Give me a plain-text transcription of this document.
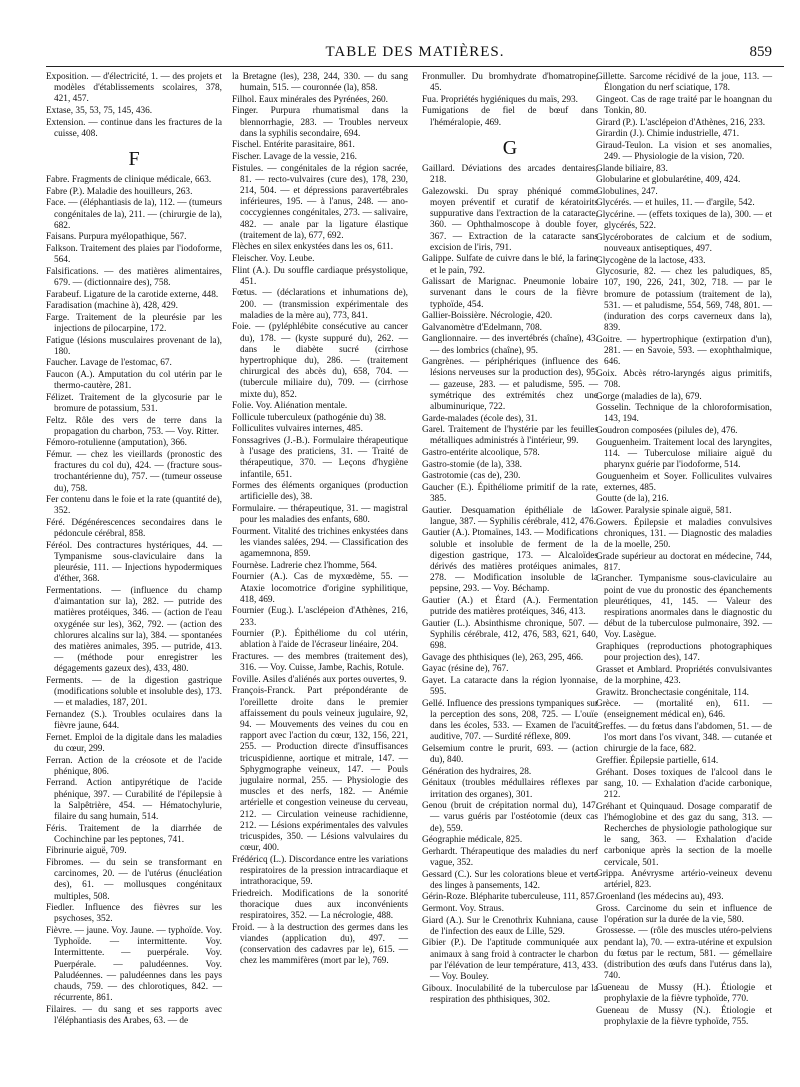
TABLE DES MATIÈRES.	859
Exposition. — d'électricité, 1. — des projets et modèles d'établissements scolaires, 378, 421, 457.
Extase, 35, 53, 75, 145, 436.
Extension. — continue dans les fractures de la cuisse, 408.
F
Fabre. Fragments de clinique médicale, 663.
Fabre (P.). Maladie des houilleurs, 263.
Face. — (éléphantiasis de la), 112. — (tumeurs congénitales de la), 211. — (chirurgie de la), 682.
Faisans. Purpura myélopathique, 567.
Falkson. Traitement des plaies par l'iodoforme, 564.
Falsifications. — des matières alimentaires, 679. — (dictionnaire des), 758.
Farabeuf. Ligature de la carotide externe, 448.
Faradisation (machine à), 428, 429.
Farge. Traitement de la pleurésie par les injections de pilocarpine, 172.
Fatigue (lésions musculaires provenant de la), 180.
Faucher. Lavage de l'estomac, 67.
Faucon (A.). Amputation du col utérin par le thermo-cautère, 281.
Félizet. Traitement de la glycosurie par le bromure de potassium, 531.
Feltz. Rôle des vers de terre dans la propagation du charbon, 753. — Voy. Ritter.
Fémoro-rotulienne (amputation), 366.
Fémur. — chez les vieillards (pronostic des fractures du col du), 424. — (fracture sous-trochantérienne du), 757. — (tumeur osseuse du), 758.
Fer contenu dans le foie et la rate (quantité de), 352.
Féré. Dégénérescences secondaires dans le pédoncule cérébral, 858.
Féréol. Des contractures hystériques, 44. — Tympanisme sous-claviculaire dans la pleurésie, 111. — Injections hypodermiques d'éther, 368.
Fermentations. — (influence du champ d'aimantation sur la), 282. — putride des matières protéiques, 346. — (action de l'eau oxygénée sur les), 362, 792. — (action des chlorures alcalins sur la), 384. — spontanées des matières animales, 395. — putride, 413. — (méthode pour enregistrer les dégagements gazeux des), 433, 480.
Ferments. — de la digestion gastrique (modifications soluble et insoluble des), 173. — et maladies, 187, 201.
Fernandez (S.). Troubles oculaires dans la fièvre jaune, 644.
Fernet. Emploi de la digitale dans les maladies du cœur, 299.
Ferran. Action de la créosote et de l'acide phénique, 806.
Ferrand. Action antipyrétique de l'acide phénique, 397. — Curabilité de l'épilepsie à la Salpêtrière, 454. — Hématochylurie, filaire du sang humain, 514.
Féris. Traitement de la diarrhée de Cochinchine par les peptones, 741.
Fibrinurie aiguë, 709.
Fibromes. — du sein se transformant en carcinomes, 20. — de l'utérus (énucléation des), 61. — mollusques congénitaux multiples, 508.
Fiedler. Influence des fièvres sur les psychoses, 352.
Fièvre. — jaune. Voy. Jaune. — typhoïde. Voy. Typhoïde. — intermittente. Voy. Intermittente. — puerpérale. Voy. Puerpérale. — paludéennes. Voy. Paludéennes. — paludéennes dans les pays chauds, 759. — des chlorotiques, 842. — récurrente, 861.
Filaires. — du sang et ses rapports avec l'éléphantiasis des Arabes, 63. — de
la Bretagne (les), 238, 244, 330. — du sang humain, 515. — couronnée (la), 858.
Filhol. Eaux minérales des Pyrénées, 260.
Finger. Purpura rhumatismal dans la blennorrhagie, 283. — Troubles nerveux dans la syphilis secondaire, 694.
Fischel. Entérite parasitaire, 861.
Fischer. Lavage de la vessie, 216.
Fistules. — congénitales de la région sacrée, 81. — recto-vulvaires (cure des), 178, 230, 214, 504. — et dépressions paravertébrales inférieures, 195. — à l'anus, 248. — ano-coccygiennes congénitales, 273. — salivaire, 482. — anale par la ligature élastique (traitement de la), 677, 692.
Flèches en silex enkystées dans les os, 611.
Fleischer. Voy. Leube.
Flint (A.). Du souffle cardiaque présystolique, 451.
Fœtus. — (déclarations et inhumations de), 200. — (transmission expérimentale des maladies de la mère au), 773, 841.
Foie. — (pyléphlébite consécutive au cancer du), 178. — (kyste suppuré du), 262. — dans le diabète sucré (cirrhose hypertrophique du), 286. — (traitement chirurgical des abcès du), 658, 704. — (tubercule miliaire du), 709. — (cirrhose mixte du), 852.
Folie. Voy. Aliénation mentale.
Follicule tuberculeux (pathogénie du) 38.
Folliculites vulvaires internes, 485.
Fonssagrives (J.-B.). Formulaire thérapeutique à l'usage des praticiens, 31. — Traité de thérapeutique, 370. — Leçons d'hygiène infantile, 651.
Formes des éléments organiques (production artificielle des), 38.
Formulaire. — thérapeutique, 31. — magistral pour les maladies des enfants, 680.
Fourment. Vitalité des trichines enkystées dans les viandes salées, 294. — Classification des agamemnona, 859.
Fournèse. Ladrerie chez l'homme, 564.
Fournier (A.). Cas de myxœdème, 55. — Ataxie locomotrice d'origine syphilitique, 418, 469.
Fournier (Eug.). L'asclépeion d'Athènes, 216, 233.
Fournier (P.). Épithéliome du col utérin, ablation à l'aide de l'écraseur linéaire, 204.
Fractures. — des membres (traitement des), 316. — Voy. Cuisse, Jambe, Rachis, Rotule.
Foville. Asiles d'aliénés aux portes ouvertes, 9.
François-Franck. Part prépondérante de l'oreillette droite dans le premier affaissement du pouls veineux jugulaire, 92, 94. — Mouvements des veines du cou en rapport avec l'action du cœur, 132, 156, 221, 255. — Production directe d'insuffisances tricuspidienne, aortique et mitrale, 147. — Sphygmographe veineux, 147. — Pouls jugulaire normal, 255. — Physiologie des muscles et des nerfs, 182. — Anémie artérielle et congestion veineuse du cerveau, 212. — Circulation veineuse rachidienne, 212. — Lésions expérimentales des valvules tricuspides, 350. — Lésions valvulaires du cœur, 400.
Frédéricq (L.). Discordance entre les variations respiratoires de la pression intracardiaque et intrathoracique, 59.
Friedreich. Modifications de la sonorité thoracique dues aux inconvénients respiratoires, 352. — La nécrologie, 488.
Froid. — à la destruction des germes dans les viandes (application du), 497. — (conservation des cadavres par le), 615. — chez les mammifères (mort par le), 769.
Fronmuller. Du bromhydrate d'homatropine, 45.
Fua. Propriétés hygiéniques du maïs, 293.
Fumigations de fiel de bœuf dans l'héméralopie, 469.
G
Gaillard. Déviations des arcades dentaires, 218.
Galezowski. Du spray phéniqué comme moyen préventif et curatif de kératoirits suppurative dans l'extraction de la cataracte, 360. — Ophthalmoscope à double foyer, 367. — Extraction de la cataracte sans excision de l'iris, 791.
Galippe. Sulfate de cuivre dans le blé, la farine et le pain, 792.
Galissart de Marignac. Pneumonie lobaire survenant dans le cours de la fièvre typhoïde, 454.
Gallier-Boissière. Nécrologie, 420.
Galvanomètre d'Edelmann, 708.
Ganglionnaire. — des invertébrés (chaîne), 43. — des lombrics (chaîne), 95.
Gangrènes. — périphériques (influence des lésions nerveuses sur la production des), 95. — gazeuse, 283. — et paludisme, 595. — symétrique des extrémités chez une albuminurique, 722.
Garde-malades (école des), 31.
Garel. Traitement de l'hystérie par les feuilles métalliques administrés à l'intérieur, 99.
Gastro-entérite alcoolique, 578.
Gastro-stomie (de la), 338.
Gastrotomie (cas de), 230.
Gaucher (E.). Épithéliome primitif de la rate, 385.
Gautier. Desquamation épithéliale de la langue, 387. — Syphilis cérébrale, 412, 476.
Gautier (A.). Ptomaïnes, 143. — Modifications soluble et insoluble de ferment de la digestion gastrique, 173. — Alcaloïdes dérivés des matières protéiques animales, 278. — Modification insoluble de la pepsine, 293. — Voy. Béchamp.
Gautier (A.) et Étard (A.). Fermentation putride des matières protéiques, 346, 413.
Gautier (L.). Absinthisme chronique, 507. — Syphilis cérébrale, 412, 476, 583, 621, 640, 698.
Gavage des phthisiques (le), 263, 295, 466.
Gayac (résine de), 767.
Gayet. La cataracte dans la région lyonnaise, 595.
Gellé. Influence des pressions tympaniques sur la perception des sons, 208, 725. — L'ouïe dans les écoles, 533. — Examen de l'acuité auditive, 707. — Surdité réflexe, 809.
Gelsemium contre le prurit, 693. — (action du), 840.
Génération des hydraires, 28.
Génitaux (troubles médullaires réflexes par irritation des organes), 301.
Genou (bruit de crépitation normal du), 147. — varus guéris par l'ostéotomie (deux cas de), 559.
Géographie médicale, 825.
Gerhardt. Thérapeutique des maladies du nerf vague, 352.
Gessard (C.). Sur les colorations bleue et verte des linges à pansements, 142.
Gérin-Roze. Blépharite tuberculeuse, 111, 857.
Germont. Voy. Straus.
Giard (A.). Sur le Crenothrix Kuhniana, cause de l'infection des eaux de Lille, 529.
Gibier (P.). De l'aptitude communiquée aux animaux à sang froid à contracter le charbon par l'élévation de leur température, 413, 433. — Voy. Bouley.
Giboux. Inoculabilité de la tuberculose par la respiration des phthisiques, 302.
Gillette. Sarcome récidivé de la joue, 113. — Élongation du nerf sciatique, 178.
Gingeot. Cas de rage traité par le hoangnan du Tonkin, 80.
Girard (P.). L'asclépeion d'Athènes, 216, 233.
Girardin (J.). Chimie industrielle, 471.
Giraud-Teulon. La vision et ses anomalies, 249. — Physiologie de la vision, 720.
Glande biliaire, 83.
Globularine et globularétine, 409, 424.
Globulines, 247.
Glycérés. — et huiles, 11. — d'argile, 542.
Glycérine. — (effets toxiques de la), 300. — et glycérés, 522.
Glycéroborates de calcium et de sodium, nouveaux antiseptiques, 497.
Glycogène de la lactose, 433.
Glycosurie, 82. — chez les paludiques, 85, 107, 190, 226, 241, 302, 718. — par le bromure de potassium (traitement de la), 531. — et paludisme, 554, 569, 748, 801. — (induration des corps caverneux dans la), 839.
Goitre. — hypertrophique (extirpation d'un), 281. — en Savoie, 593. — exophthalmique, 646.
Goix. Abcès rétro-laryngés aigus primitifs, 708.
Gorge (maladies de la), 679.
Gosselin. Technique de la chloroformisation, 143, 194.
Goudron composées (pilules de), 476.
Gouguenheim. Traitement local des laryngites, 114. — Tuberculose miliaire aiguë du pharynx guérie par l'iodoforme, 514.
Gouguenheim et Soyer. Folliculites vulvaires externes, 485.
Goutte (de la), 216.
Gower. Paralysie spinale aiguë, 581.
Gowers. Épilepsie et maladies convulsives chroniques, 131. — Diagnostic des maladies de la moelle, 250.
Grade supérieur au doctorat en médecine, 744, 817.
Grancher. Tympanisme sous-claviculaire au point de vue du pronostic des épanchements pleurétiques, 41, 145. — Valeur des respirations anormales dans le diagnostic du début de la tuberculose pulmonaire, 392. — Voy. Lasègue.
Graphiques (reproductions photographiques pour projection des), 147.
Grasset et Amblard. Propriétés convulsivantes de la morphine, 423.
Grawitz. Bronchectasie congénitale, 114.
Grèce. — (mortalité en), 611. — (enseignement médical en), 646.
Greffes. — du fœtus dans l'abdomen, 51. — de l'os mort dans l'os vivant, 348. — cutanée et chirurgie de la face, 682.
Greffier. Épilepsie partielle, 614.
Gréhant. Doses toxiques de l'alcool dans le sang, 10. — Exhalation d'acide carbonique, 212.
Gréhant et Quinquaud. Dosage comparatif de l'hémoglobine et des gaz du sang, 313. — Recherches de physiologie pathologique sur le sang, 363. — Exhalation d'acide carbonique après la section de la moelle cervicale, 501.
Grippa. Anévrysme artério-veineux devenu artériel, 823.
Groenland (les médecins au), 493.
Gross. Carcinome du sein et influence de l'opération sur la durée de la vie, 580.
Grossesse. — (rôle des muscles utéro-pelviens pendant la), 70. — extra-utérine et expulsion du fœtus par le rectum, 581. — gémellaire (distribution des œufs dans l'utérus dans la), 740.
Gueneau de Mussy (H.). Étiologie et prophylaxie de la fièvre typhoïde, 770.
Gueneau de Mussy (N.). Étiologie et prophylaxie de la fièvre typhoïde, 755.
